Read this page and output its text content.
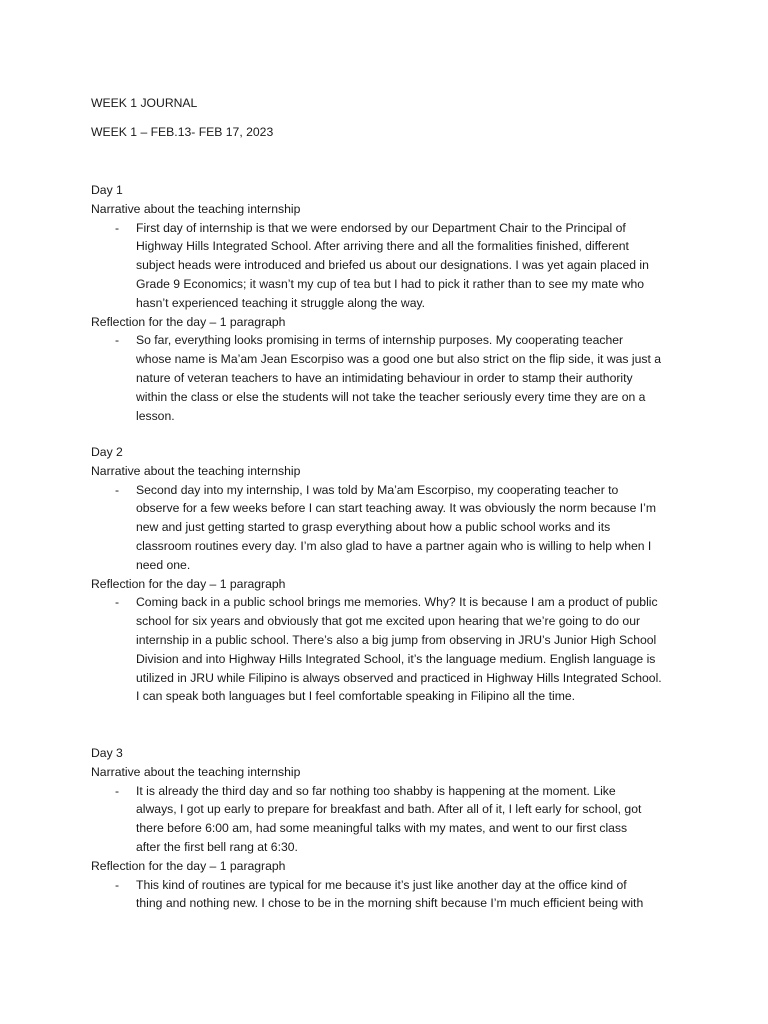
WEEK 1 JOURNAL
WEEK 1 – FEB.13- FEB 17, 2023
Day 1
Narrative about the teaching internship
- First day of internship is that we were endorsed by our Department Chair to the Principal of
Highway Hills Integrated School. After arriving there and all the formalities finished, different
subject heads were introduced and briefed us about our designations. I was yet again placed in
Grade 9 Economics; it wasn’t my cup of tea but I had to pick it rather than to see my mate who
hasn’t experienced teaching it struggle along the way.
Reflection for the day – 1 paragraph
- So far, everything looks promising in terms of internship purposes. My cooperating teacher
whose name is Ma’am Jean Escorpiso was a good one but also strict on the flip side, it was just a
nature of veteran teachers to have an intimidating behaviour in order to stamp their authority
within the class or else the students will not take the teacher seriously every time they are on a
lesson.
Day 2
Narrative about the teaching internship
- Second day into my internship, I was told by Ma’am Escorpiso, my cooperating teacher to
observe for a few weeks before I can start teaching away. It was obviously the norm because I’m
new and just getting started to grasp everything about how a public school works and its
classroom routines every day. I’m also glad to have a partner again who is willing to help when I
need one.
Reflection for the day – 1 paragraph
- Coming back in a public school brings me memories. Why? It is because I am a product of public
school for six years and obviously that got me excited upon hearing that we’re going to do our
internship in a public school. There’s also a big jump from observing in JRU’s Junior High School
Division and into Highway Hills Integrated School, it’s the language medium. English language is
utilized in JRU while Filipino is always observed and practiced in Highway Hills Integrated School.
I can speak both languages but I feel comfortable speaking in Filipino all the time.
Day 3
Narrative about the teaching internship
- It is already the third day and so far nothing too shabby is happening at the moment. Like
always, I got up early to prepare for breakfast and bath. After all of it, I left early for school, got
there before 6:00 am, had some meaningful talks with my mates, and went to our first class
after the first bell rang at 6:30.
Reflection for the day – 1 paragraph
- This kind of routines are typical for me because it’s just like another day at the office kind of
thing and nothing new. I chose to be in the morning shift because I’m much efficient being with
